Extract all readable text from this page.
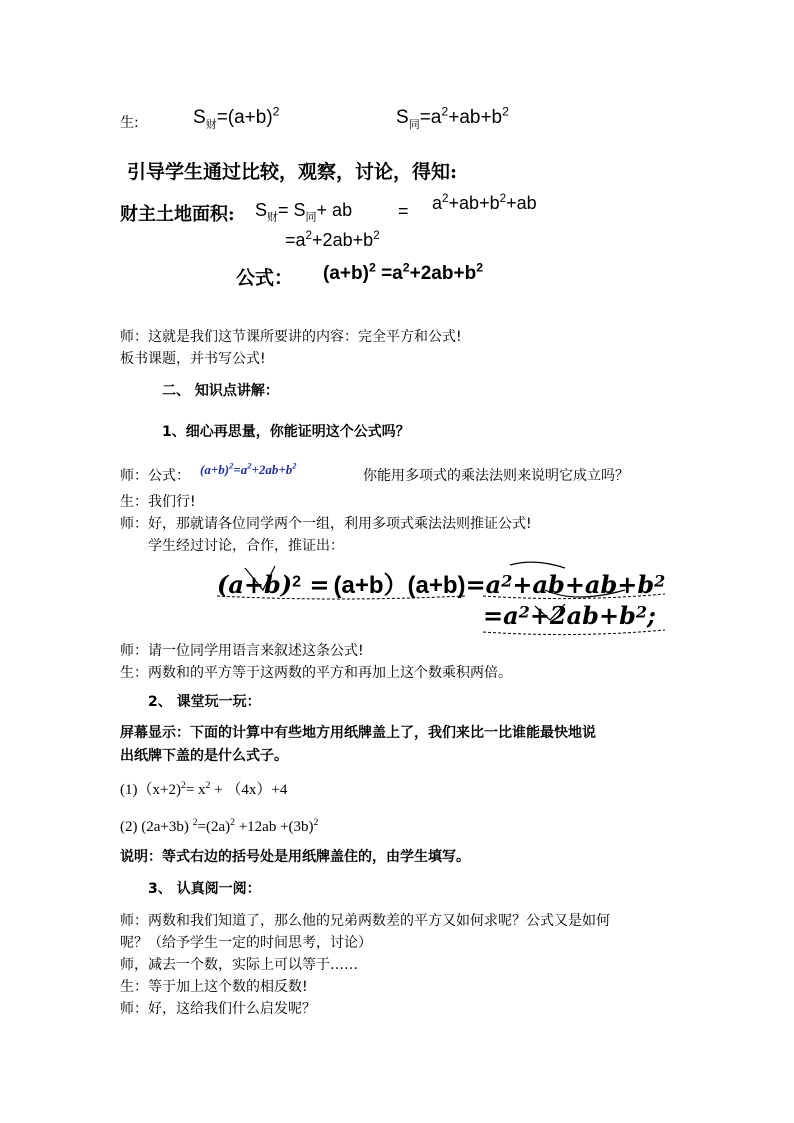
生:	$S_财=(a+b)^2$	$S_同=a^2+ab+b^2$
引导学生通过比较，观察，讨论，得知:
财主土地面积: $S_财= S_同+$ ab	= $a^2+ab+b^2+ab$
$=a^2+2ab+b^2$
公式： $(a+b)^2 =a^2+2ab+b^2$
师：这就是我们这节课所要讲的内容：完全平方和公式!
板书课题，并书写公式!
二、 知识点讲解：
1、细心再思量，你能证明这个公式吗？
师：公式： $(a+b)^2=a^2+2ab+b^2$
你能用多项式的乘法法则来说明它成立吗？
生：我们行!
师：好，那就请各位同学两个一组，利用多项式乘法法则推证公式!
学生经过讨论，合作，推证出：
$(a+b)^2 = (a+b)(a+b)=a^2+ab+ab+b^2$
$=a^2+2ab+b^2$;
师：请一位同学用语言来叙述这条公式!
生：两数和的平方等于这两数的平方和再加上这个数乘积两倍。
2、 课堂玩一玩：
屏幕显示：下面的计算中有些地方用纸牌盖上了，我们来比一比谁能最快地说
出纸牌下盖的是什么式子。
$(1)(x+2)^2= x^2 + (4x)+4$
(2) (2a+3b) $^2=(2a)^2 +12ab +(3b)^2$
说明：等式右边的括号处是用纸牌盖住的，由学生填写。
3、 认真阅一阅：
师：两数和我们知道了，那么他的兄弟两数差的平方又如何求呢？公式又是如何
呢？（给予学生一定的时间思考，讨论）
师，减去一个数，实际上可以等于……
生：等于加上这个数的相反数!
师：好，这给我们什么启发呢？
